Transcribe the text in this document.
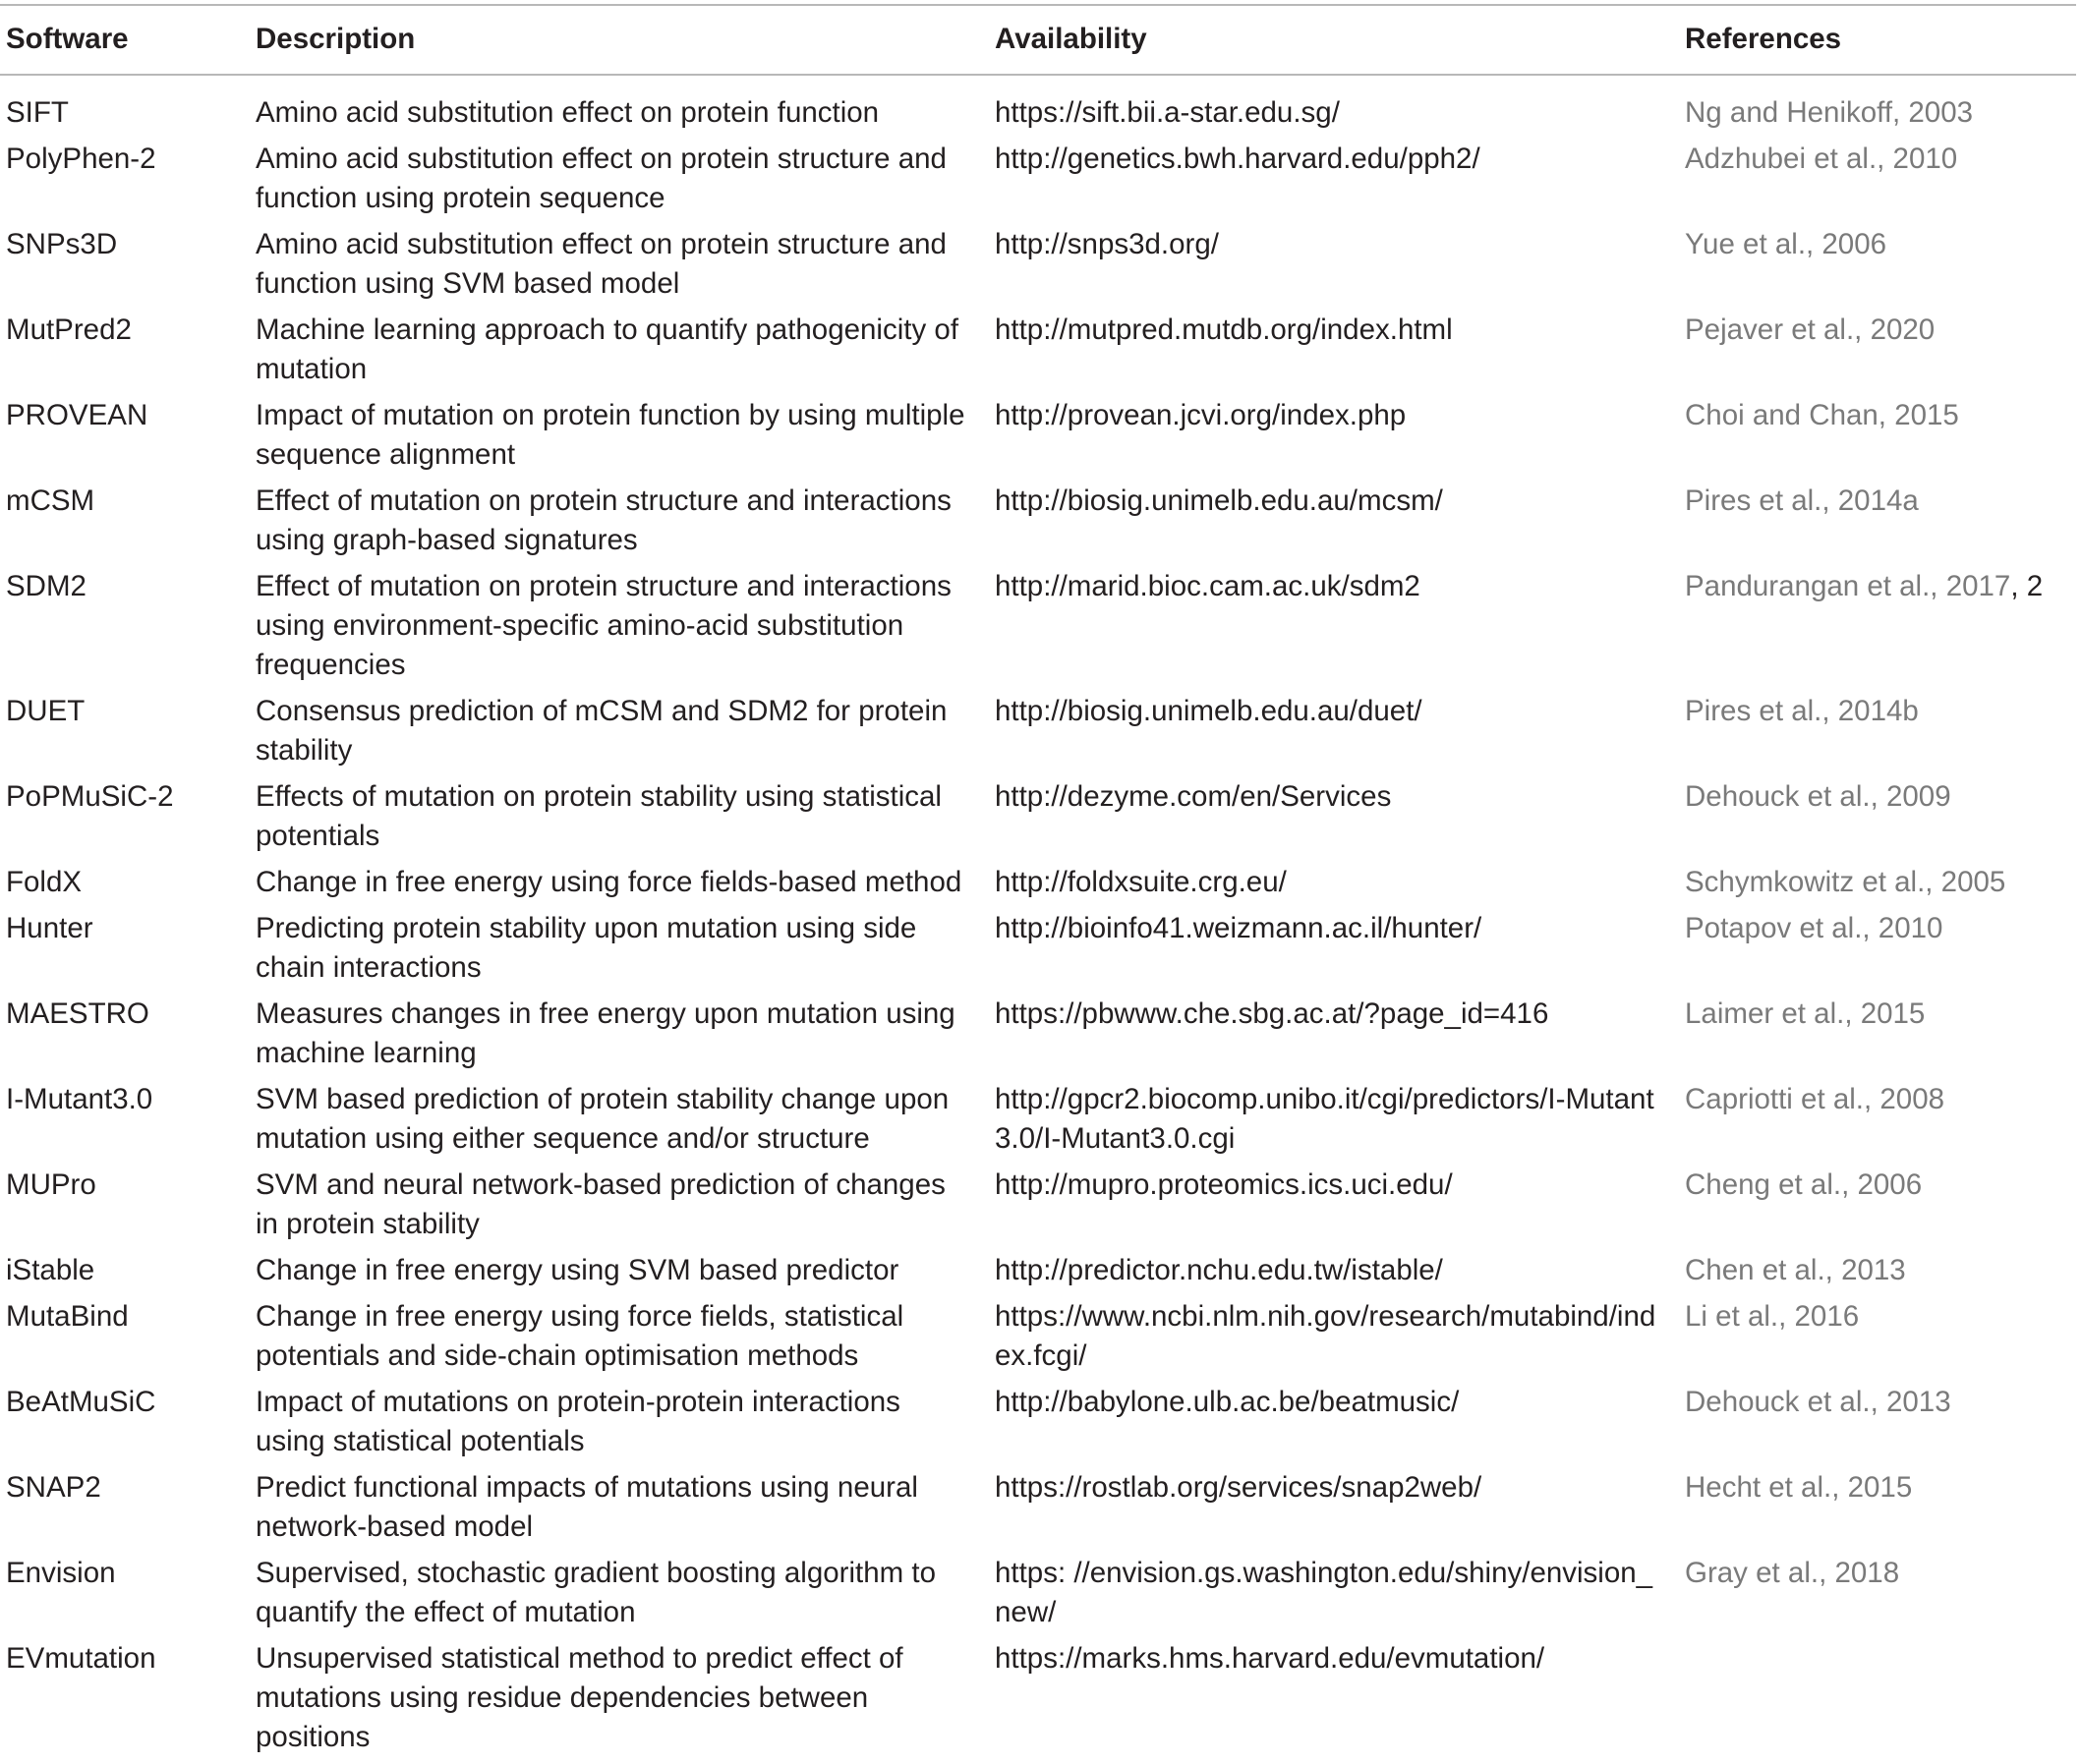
Software	Description	Availability	References
SIFT	Amino acid substitution effect on protein function	https://sift.bii.a-star.edu.sg/	Ng and Henikoff, 2003
PolyPhen-2	Amino acid substitution effect on protein structure and function using protein sequence	http://genetics.bwh.harvard.edu/pph2/	Adzhubei et al., 2010
SNPs3D	Amino acid substitution effect on protein structure and function using SVM based model	http://snps3d.org/	Yue et al., 2006
MutPred2	Machine learning approach to quantify pathogenicity of mutation	http://mutpred.mutdb.org/index.html	Pejaver et al., 2020
PROVEAN	Impact of mutation on protein function by using multiple sequence alignment	http://provean.jcvi.org/index.php	Choi and Chan, 2015
mCSM	Effect of mutation on protein structure and interactions using graph-based signatures	http://biosig.unimelb.edu.au/mcsm/	Pires et al., 2014a
SDM2	Effect of mutation on protein structure and interactions using environment-specific amino-acid substitution frequencies	http://marid.bioc.cam.ac.uk/sdm2	Pandurangan et al., 2017, 2
DUET	Consensus prediction of mCSM and SDM2 for protein stability	http://biosig.unimelb.edu.au/duet/	Pires et al., 2014b
PoPMuSiC-2	Effects of mutation on protein stability using statistical potentials	http://dezyme.com/en/Services	Dehouck et al., 2009
FoldX	Change in free energy using force fields-based method	http://foldxsuite.crg.eu/	Schymkowitz et al., 2005
Hunter	Predicting protein stability upon mutation using side chain interactions	http://bioinfo41.weizmann.ac.il/hunter/	Potapov et al., 2010
MAESTRO	Measures changes in free energy upon mutation using machine learning	https://pbwww.che.sbg.ac.at/?page_id=416	Laimer et al., 2015
I-Mutant3.0	SVM based prediction of protein stability change upon mutation using either sequence and/or structure	http://gpcr2.biocomp.unibo.it/cgi/predictors/I-Mutant3.0/I-Mutant3.0.cgi	Capriotti et al., 2008
MUPro	SVM and neural network-based prediction of changes in protein stability	http://mupro.proteomics.ics.uci.edu/	Cheng et al., 2006
iStable	Change in free energy using SVM based predictor	http://predictor.nchu.edu.tw/istable/	Chen et al., 2013
MutaBind	Change in free energy using force fields, statistical potentials and side-chain optimisation methods	https://www.ncbi.nlm.nih.gov/research/mutabind/index.fcgi/	Li et al., 2016
BeAtMuSiC	Impact of mutations on protein-protein interactions using statistical potentials	http://babylone.ulb.ac.be/beatmusic/	Dehouck et al., 2013
SNAP2	Predict functional impacts of mutations using neural network-based model	https://rostlab.org/services/snap2web/	Hecht et al., 2015
Envision	Supervised, stochastic gradient boosting algorithm to quantify the effect of mutation	https: //envision.gs.washington.edu/shiny/envision_new/	Gray et al., 2018
EVmutation	Unsupervised statistical method to predict effect of mutations using residue dependencies between positions	https://marks.hms.harvard.edu/evmutation/	
